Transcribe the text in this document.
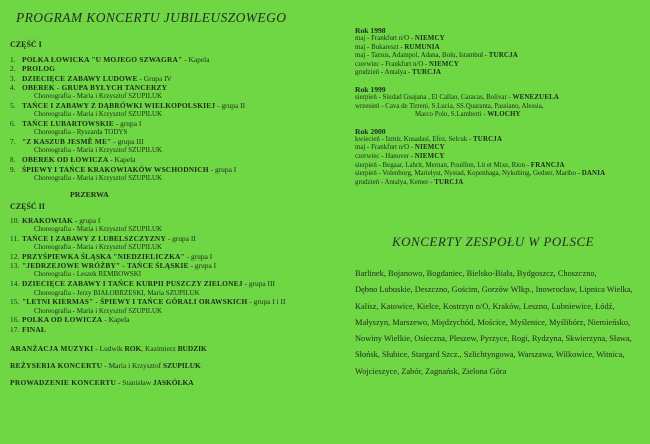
PROGRAM KONCERTU JUBILEUSZOWEGO
CZĘŚĆ I
1. POLKA ŁOWICKA "U MOJEGO SZWAGRA" - Kapela
2. PROLOG
3. DZIECIĘCE ZABAWY LUDOWE - Grupa IV
4. OBEREK - GRUPA BYŁYCH TANCERZY
Choreografia - Maria i Krzysztof SZUPILUK
5. TAŃCE I ZABAWY Z DĄBRÓWKI WIELKOPOLSKIEJ - grupa II
Choreografia - Maria i Krzysztof SZUPILUK
6. TAŃCE LUBARTOWSKIE - grupa I
Choreografia - Ryszarda TODYS
7. "Z KASZUB JESMĚ ME" - grupa III
Choreografia - Maria i Krzysztof SZUPILUK
8. OBEREK OD ŁOWICZA - Kapela
9. ŚPIEWY I TAŃCE KRAKOWIAKÓW WSCHODNICH - grupa I
Choreografia - Maria i Krzysztof SZUPILUK
PRZERWA
CZĘŚĆ II
10. KRAKOWIAK - grupa I
Choreografia - Maria i Krzysztof SZUPILUK
11. TAŃCE I ZABAWY Z LUBELSZCZYZNY - grupa II
Choreografia - Maria i Krzysztof SZUPILUK
12. PRZYŚPIEWKA ŚLĄSKA "NIEDZIELICZKA" - grupa I
13. "JEDRZEJOWE WRÓŻBY" - TAŃCE ŚLĄSKIE - grupa I
Choreografia - Leszek REMBOWSKI
14. DZIECIĘCE ZABAWY I TAŃCE KURPII PUSZCZY ZIELONEJ - grupa III
Choreografia - Jerzy BIAŁOBRZESKI, Maria SZUPILUK
15. "LETNI KIERMAS" - ŚPIEWY I TAŃCE GÓRALI ORAWSKICH - grupa I i II
Choreografia - Maria i Krzysztof SZUPILUK
16. POLKA OD ŁOWICZA - Kapela
17. FINAŁ
ARANŻACJA MUZYKI - Ludwik ROK, Kazimierz BUDZIK
REŻYSERIA KONCERTU - Maria i Krzysztof SZUPILUK
PROWADZENIE KONCERTU - Stanisław JASKÓŁKA
Rok 1998
maj - Frankfurt n/O - NIEMCY
maj - Bukareszt - RUMUNIA
maj - Tarsus, Adampol, Adana, Bolu, Istambuł - TURCJA
czerwiec - Frankfurt n/O - NIEMCY
grudzień - Antalya - TURCJA
Rok 1999
sierpień - Siudad Guajana , El Callao, Caracas, Bolivar - WENEZUELA
wrzesień - Cava de Tirreni, S.Lucia, SS.Quaranta, Passiano, Alessia,
Marco Polo, S.Lamberti - WŁOCHY
Rok 2000
kwiecień - Izmir, Kusadasi, Efez, Selcuk - TURCJA
maj - Frankfurt n/O - NIEMCY
czerwiec - Hanover - NIEMCY
sierpień - Begaar, Lahrit, Mernan, Pouillon, Lit et Mixe, Rion - FRANCJA
sierpień - Volenborg, Marielyst, Nystad, Kopenhaga, Nykobing, Gedser, Maribo - DANIA
grudzień - Antalya, Kemer - TURCJA
KONCERTY ZESPOŁU W POLSCE
Barlinek, Bojanowo, Bogdaniec, Bielsko-Biała, Bydgoszcz, Choszczno,
Dębno Lubuskie, Deszczno, Gościm, Gorzów Wlkp., Inowrocław, Lipnica Wielka,
Kalisz, Katowice, Kielce, Kostrzyn n/O, Kraków, Leszno, Lubniewice, Łódź,
Małyszyn, Marszewo, Międzychód, Mościce, Myślenice, Myślibórz, Niemieńsko,
Nowiny Wielkie, Osieczna, Pleszew, Pyrzyce, Rogi, Rydzyna, Skwierzyna, Sława,
Słońsk, Słubice, Stargard Szcz., Szlichtyngowa, Warszawa, Wilkowice, Witnica,
Wojcieszyce, Zabór, Zagnańsk, Zielona Góra
